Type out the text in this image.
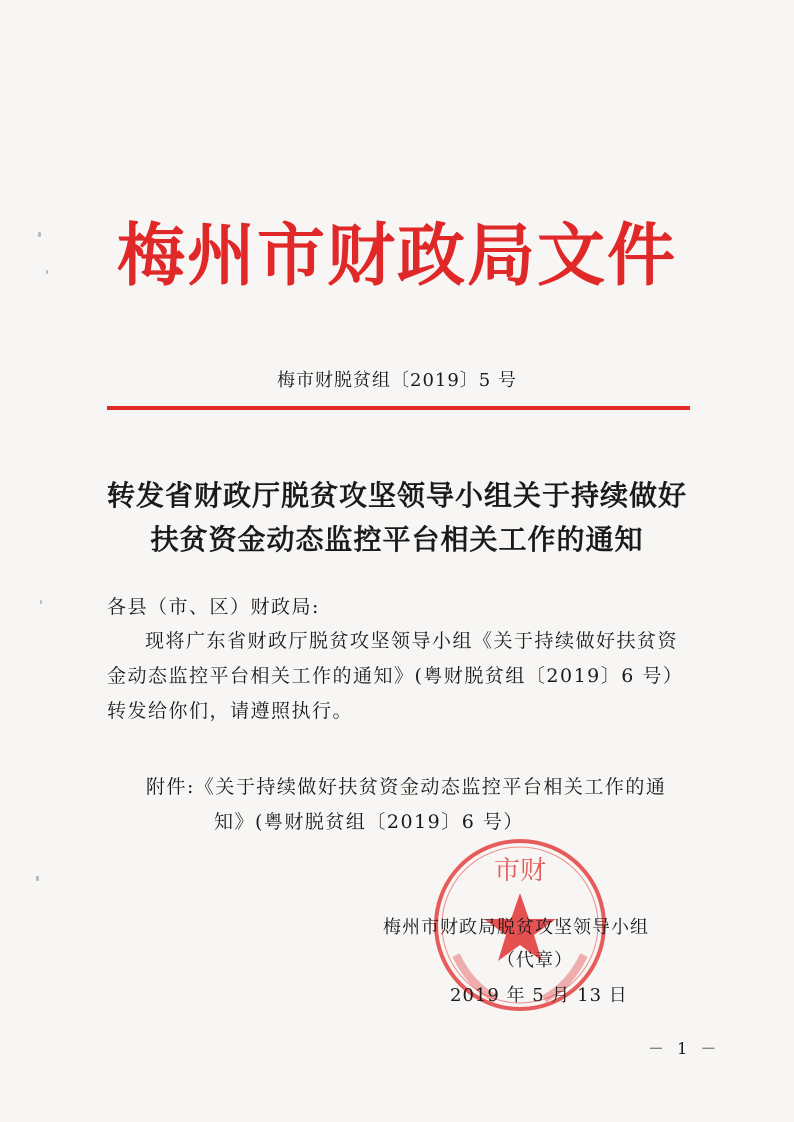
梅州市财政局文件
梅市财脱贫组〔2019〕5 号
转发省财政厅脱贫攻坚领导小组关于持续做好
扶贫资金动态监控平台相关工作的通知
各县（市、区）财政局:
现将广东省财政厅脱贫攻坚领导小组《关于持续做好扶贫资金动态监控平台相关工作的通知》(粤财脱贫组〔2019〕6 号）转发给你们，请遵照执行。
附件:《关于持续做好扶贫资金动态监控平台相关工作的通
知》(粤财脱贫组〔2019〕6 号）
市财
梅州市财政局脱贫攻坚领导小组
（代章）
2019 年 5 月 13 日
－ 1 －
